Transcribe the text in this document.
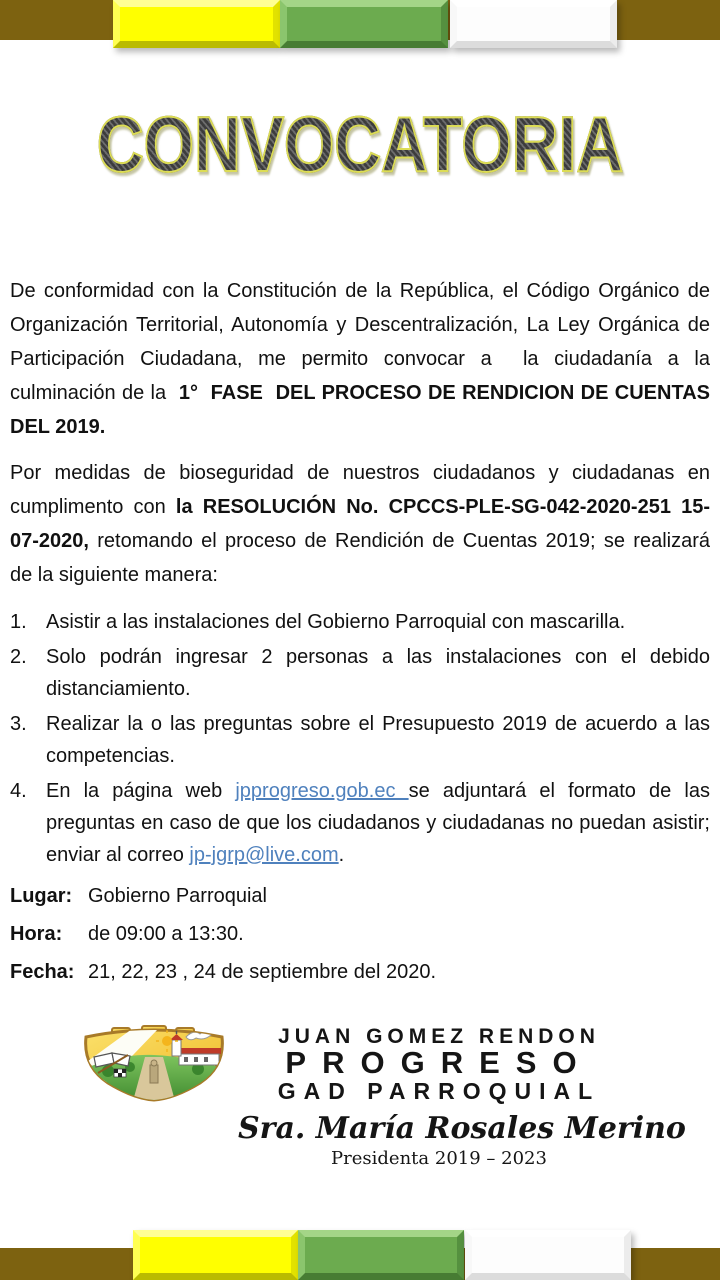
CONVOCATORIA

De conformidad con la Constitución de la República, el Código Orgánico de Organización Territorial, Autonomía y Descentralización, La Ley Orgánica de Participación Ciudadana, me permito convocar a  la ciudadanía a la culminación de la  1°  FASE  DEL PROCESO DE RENDICION DE CUENTAS DEL 2019.

Por medidas de bioseguridad de nuestros ciudadanos y ciudadanas en cumplimento con la RESOLUCIÓN No. CPCCS-PLE-SG-042-2020-251 15-07-2020, retomando el proceso de Rendición de Cuentas 2019; se realizará de la siguiente manera:

1. Asistir a las instalaciones del Gobierno Parroquial con mascarilla.
2. Solo podrán ingresar 2 personas a las instalaciones con el debido distanciamiento.
3. Realizar la o las preguntas sobre el Presupuesto 2019 de acuerdo a las competencias.
4. En la página web jpprogreso.gob.ec se adjuntará el formato de las preguntas en caso de que los ciudadanos y ciudadanas no puedan asistir; enviar al correo jp-jgrp@live.com.
Lugar: Gobierno Parroquial
Hora: de 09:00 a 13:30.
Fecha: 21, 22, 23 , 24 de septiembre del 2020.
JUAN GOMEZ RENDON
PROGRESO
GAD PARROQUIAL
Sra. María Rosales Merino
Presidenta 2019 – 2023
